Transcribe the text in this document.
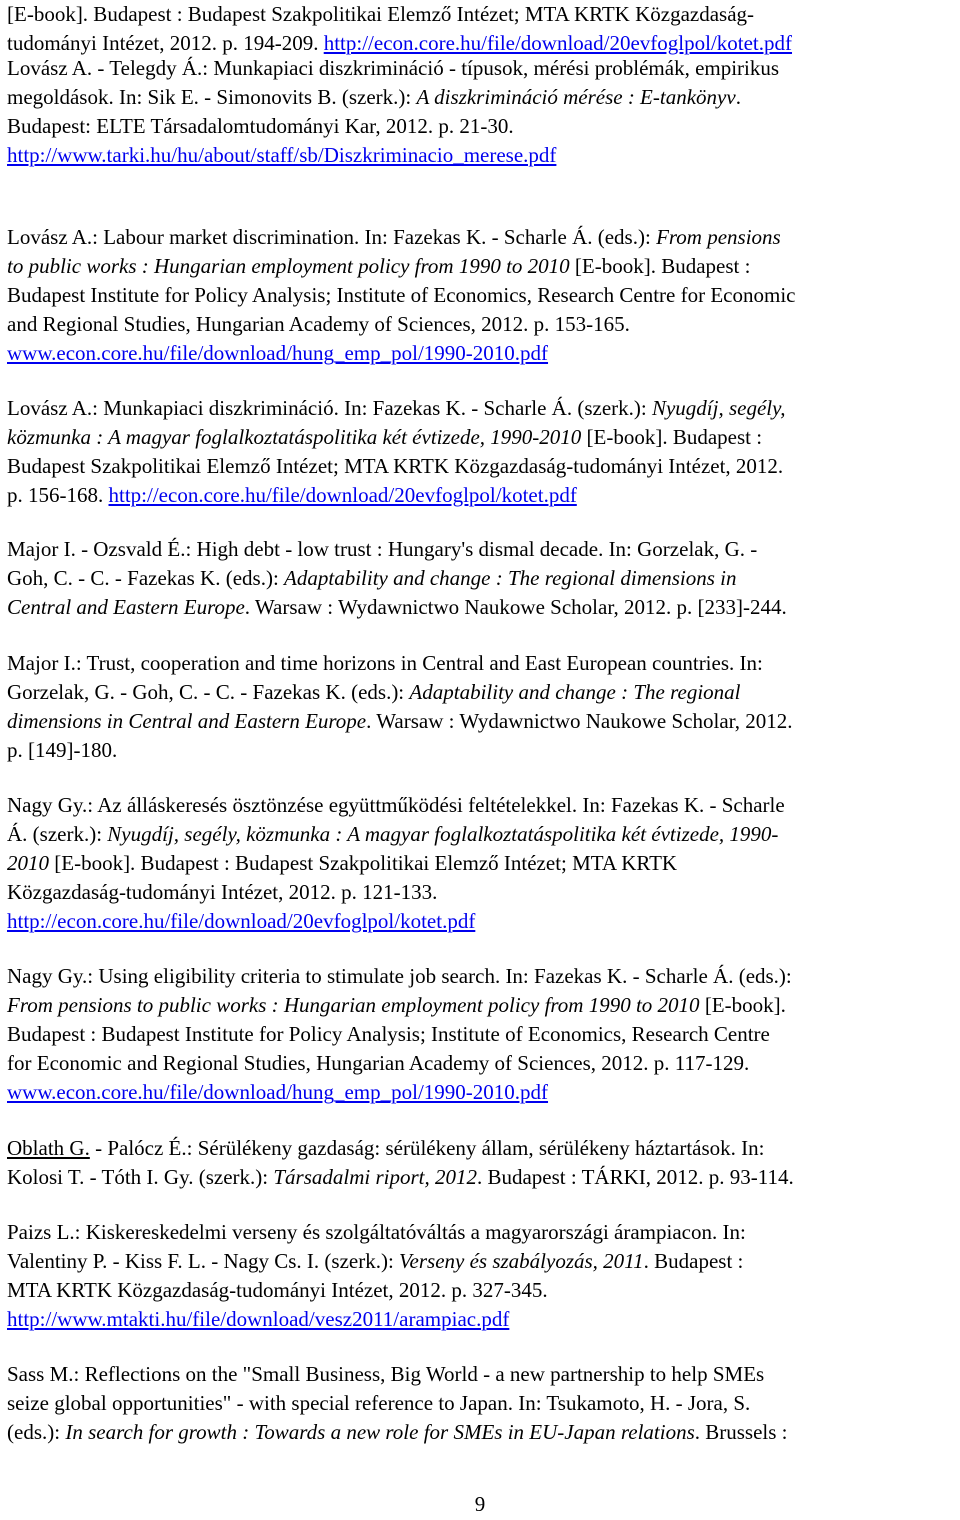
[E-book]. Budapest : Budapest Szakpolitikai Elemző Intézet; MTA KRTK Közgazdaság-
tudományi Intézet, 2012. p. 194-209. http://econ.core.hu/file/download/20evfoglpol/kotet.pdf

Lovász A. - Telegdy Á.: Munkapiaci diszkrimináció - típusok, mérési problémák, empirikus
megoldások. In: Sik E. - Simonovits B. (szerk.): A diszkrimináció mérése : E-tankönyv.
Budapest: ELTE Társadalomtudományi Kar, 2012. p. 21-30.
http://www.tarki.hu/hu/about/staff/sb/Diszkriminacio_merese.pdf

Lovász A.: Labour market discrimination. In: Fazekas K. - Scharle Á. (eds.): From pensions
to public works : Hungarian employment policy from 1990 to 2010 [E-book]. Budapest :
Budapest Institute for Policy Analysis; Institute of Economics, Research Centre for Economic
and Regional Studies, Hungarian Academy of Sciences, 2012. p. 153-165.
www.econ.core.hu/file/download/hung_emp_pol/1990-2010.pdf

Lovász A.: Munkapiaci diszkrimináció. In: Fazekas K. - Scharle Á. (szerk.): Nyugdíj, segély,
közmunka : A magyar foglalkoztatáspolitika két évtizede, 1990-2010 [E-book]. Budapest :
Budapest Szakpolitikai Elemző Intézet; MTA KRTK Közgazdaság-tudományi Intézet, 2012.
p. 156-168. http://econ.core.hu/file/download/20evfoglpol/kotet.pdf

Major I. - Ozsvald É.: High debt - low trust : Hungary's dismal decade. In: Gorzelak, G. -
Goh, C. - C. - Fazekas K. (eds.): Adaptability and change : The regional dimensions in
Central and Eastern Europe. Warsaw : Wydawnictwo Naukowe Scholar, 2012. p. [233]-244.

Major I.: Trust, cooperation and time horizons in Central and East European countries. In:
Gorzelak, G. - Goh, C. - C. - Fazekas K. (eds.): Adaptability and change : The regional
dimensions in Central and Eastern Europe. Warsaw : Wydawnictwo Naukowe Scholar, 2012.
p. [149]-180.

Nagy Gy.: Az álláskeresés ösztönzése együttműködési feltételekkel. In: Fazekas K. - Scharle
Á. (szerk.): Nyugdíj, segély, közmunka : A magyar foglalkoztatáspolitika két évtizede, 1990-
2010 [E-book]. Budapest : Budapest Szakpolitikai Elemző Intézet; MTA KRTK
Közgazdaság-tudományi Intézet, 2012. p. 121-133.
http://econ.core.hu/file/download/20evfoglpol/kotet.pdf

Nagy Gy.: Using eligibility criteria to stimulate job search. In: Fazekas K. - Scharle Á. (eds.):
From pensions to public works : Hungarian employment policy from 1990 to 2010 [E-book].
Budapest : Budapest Institute for Policy Analysis; Institute of Economics, Research Centre
for Economic and Regional Studies, Hungarian Academy of Sciences, 2012. p. 117-129.
www.econ.core.hu/file/download/hung_emp_pol/1990-2010.pdf

Oblath G. - Palócz É.: Sérülékeny gazdaság: sérülékeny állam, sérülékeny háztartások. In:
Kolosi T. - Tóth I. Gy. (szerk.): Társadalmi riport, 2012. Budapest : TÁRKI, 2012. p. 93-114.

Paizs L.: Kiskereskedelmi verseny és szolgáltatóváltás a magyarországi árampiacon. In:
Valentiny P. - Kiss F. L. - Nagy Cs. I. (szerk.): Verseny és szabályozás, 2011. Budapest :
MTA KRTK Közgazdaság-tudományi Intézet, 2012. p. 327-345.
http://www.mtakti.hu/file/download/vesz2011/arampiac.pdf

Sass M.: Reflections on the "Small Business, Big World - a new partnership to help SMEs
seize global opportunities" - with special reference to Japan. In: Tsukamoto, H. - Jora, S.
(eds.): In search for growth : Towards a new role for SMEs in EU-Japan relations. Brussels :

9
